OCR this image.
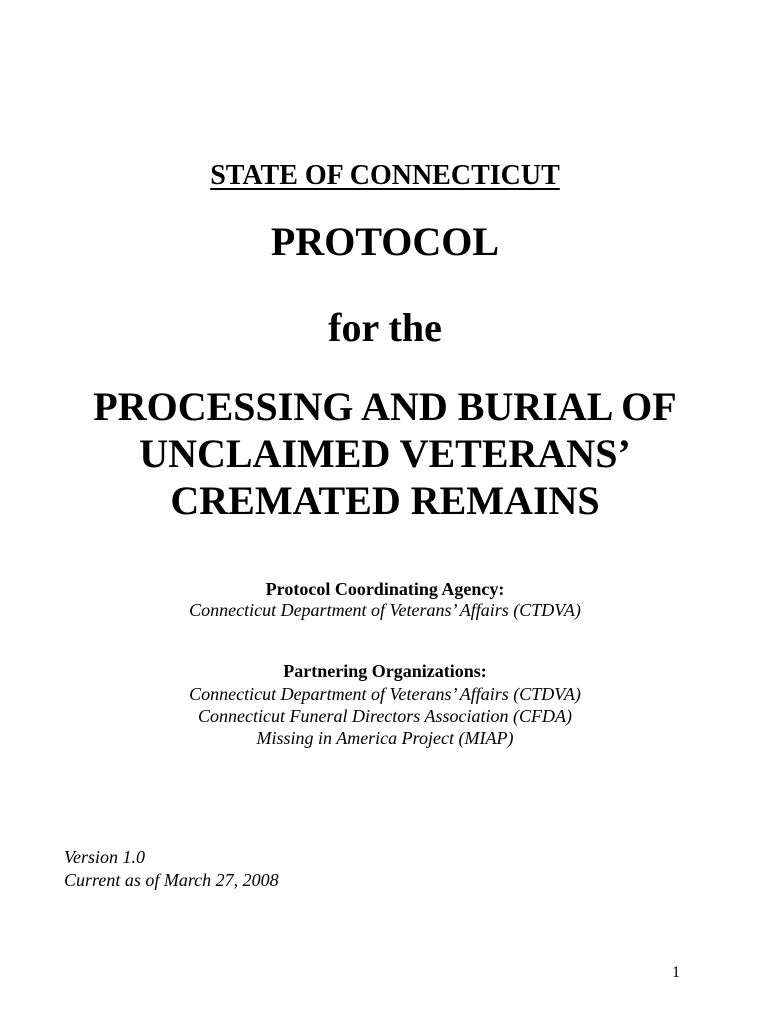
STATE OF CONNECTICUT
PROTOCOL
for the
PROCESSING AND BURIAL OF
UNCLAIMED VETERANS’
CREMATED REMAINS
Protocol Coordinating Agency:
Connecticut Department of Veterans’ Affairs (CTDVA)
Partnering Organizations:
Connecticut Department of Veterans’ Affairs (CTDVA)
Connecticut Funeral Directors Association (CFDA)
Missing in America Project (MIAP)
Version 1.0
Current as of March 27, 2008
1
